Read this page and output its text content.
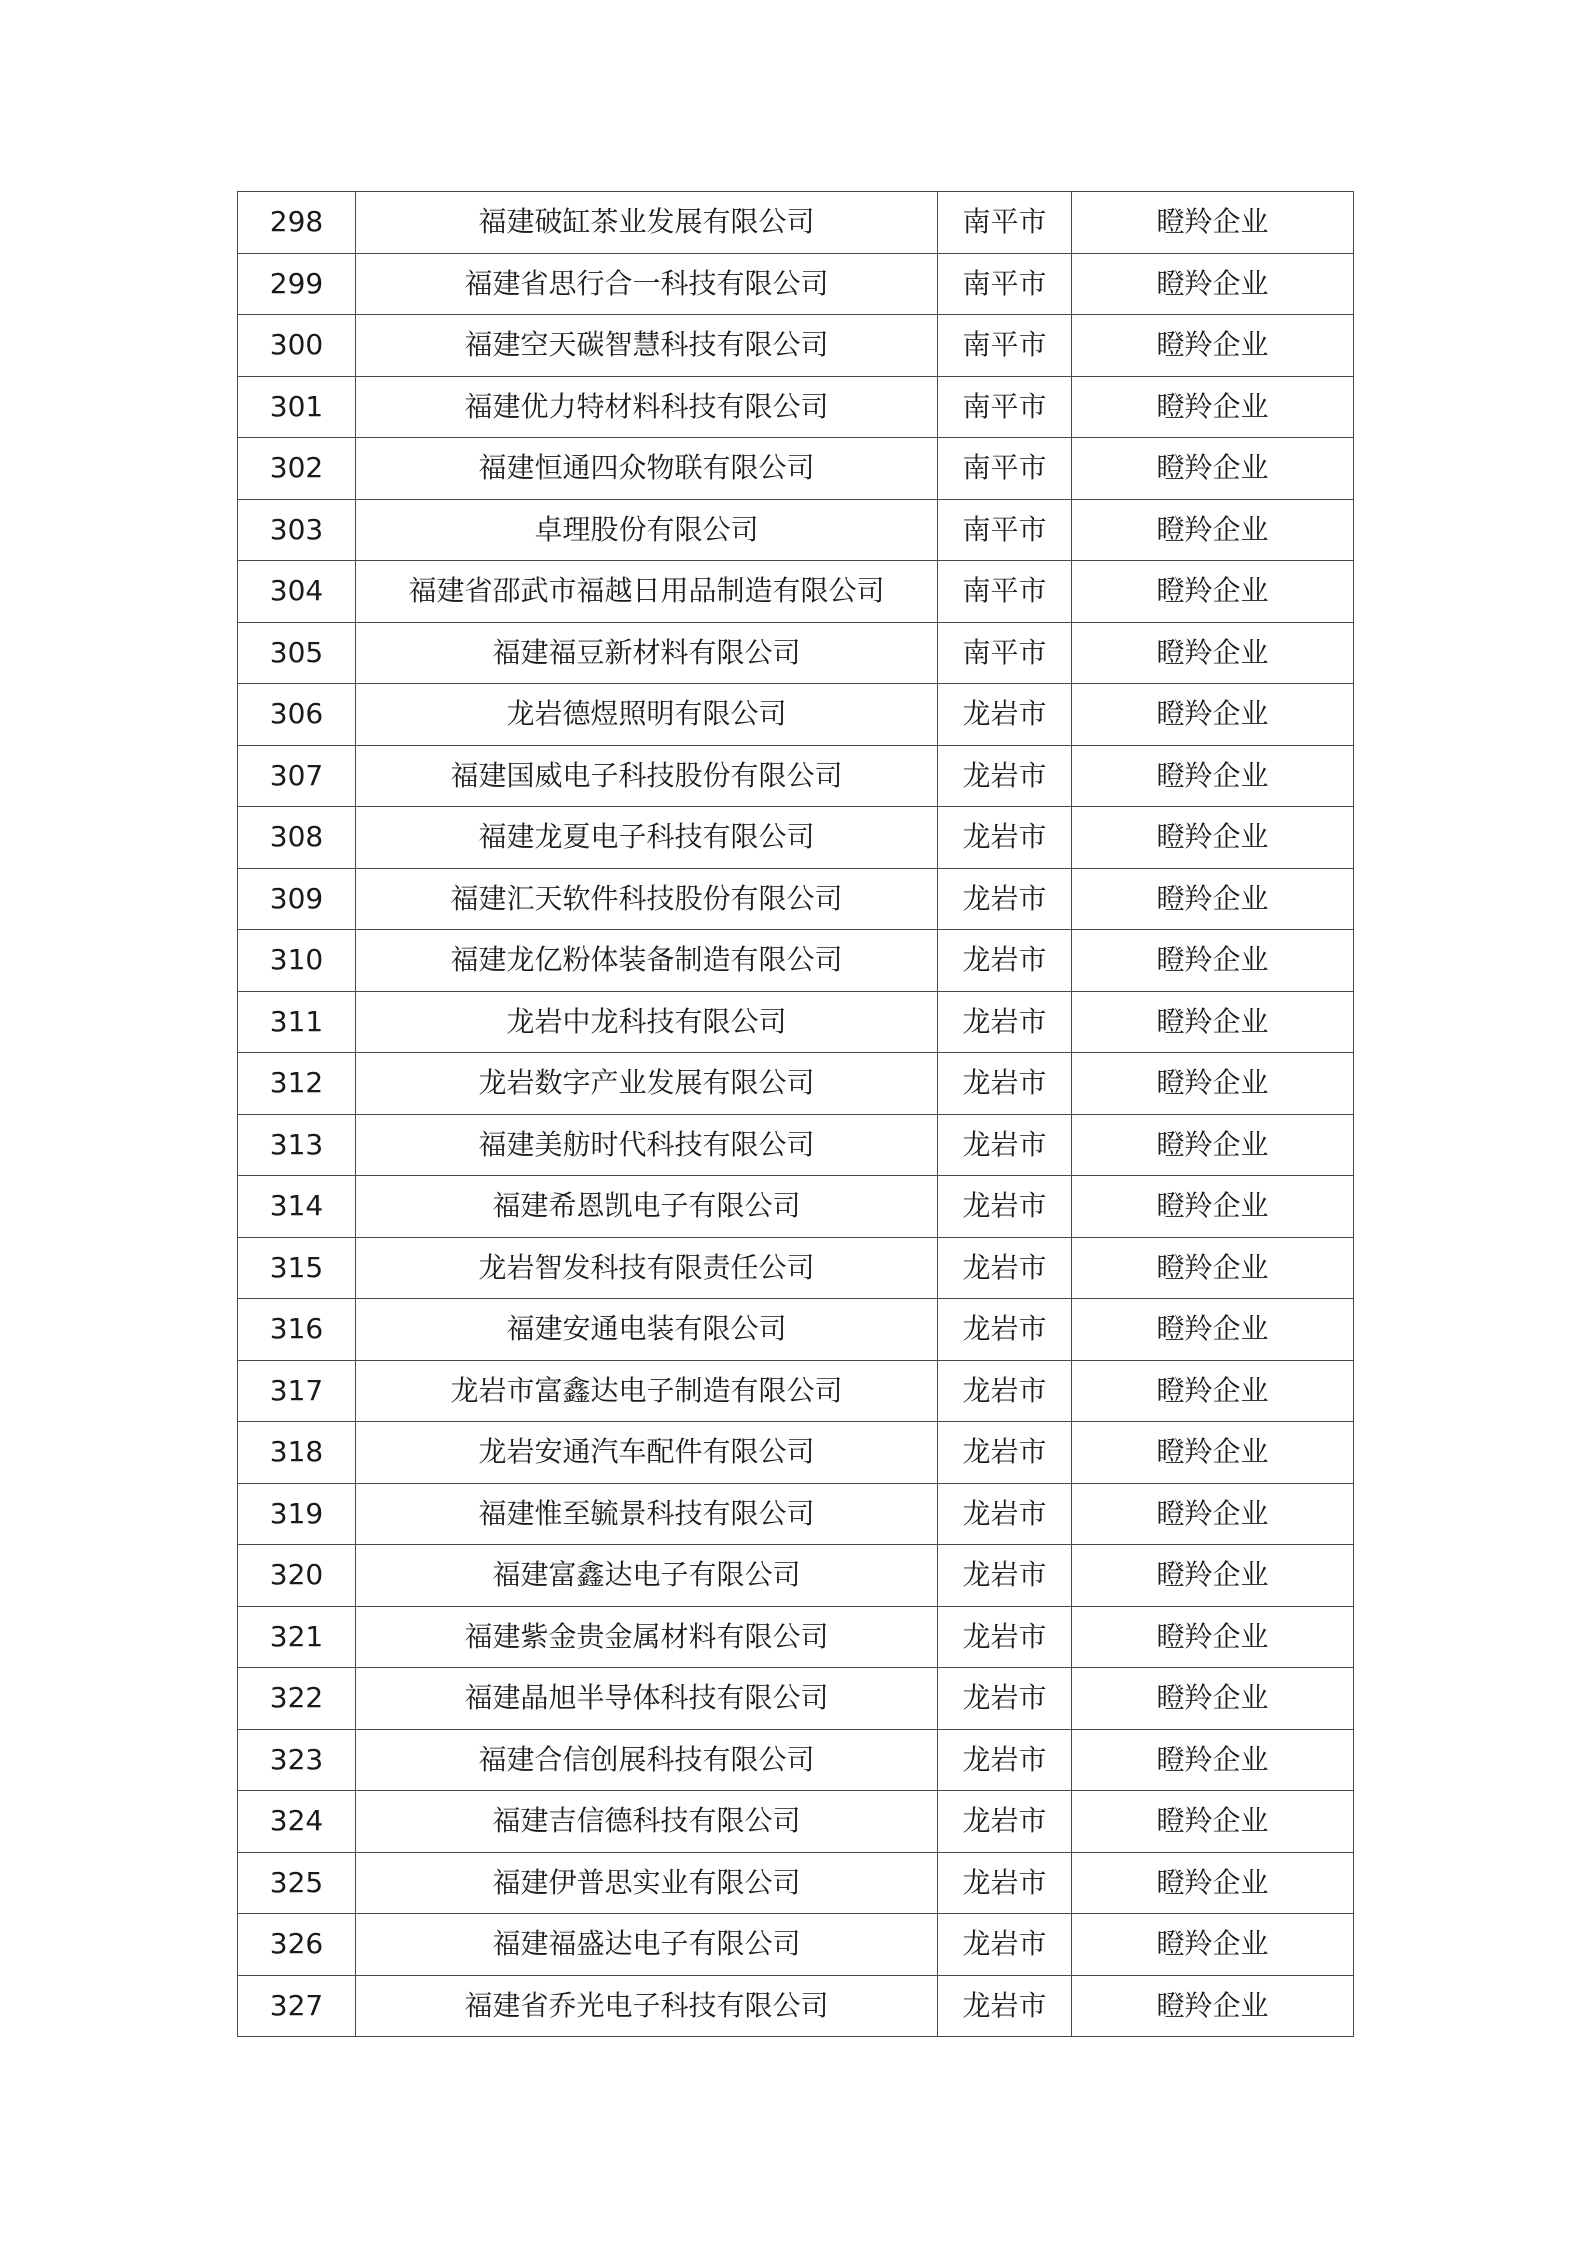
298	福建破缸茶业发展有限公司	南平市	瞪羚企业
299	福建省思行合一科技有限公司	南平市	瞪羚企业
300	福建空天碳智慧科技有限公司	南平市	瞪羚企业
301	福建优力特材料科技有限公司	南平市	瞪羚企业
302	福建恒通四众物联有限公司	南平市	瞪羚企业
303	卓理股份有限公司	南平市	瞪羚企业
304	福建省邵武市福越日用品制造有限公司	南平市	瞪羚企业
305	福建福豆新材料有限公司	南平市	瞪羚企业
306	龙岩德煜照明有限公司	龙岩市	瞪羚企业
307	福建国威电子科技股份有限公司	龙岩市	瞪羚企业
308	福建龙夏电子科技有限公司	龙岩市	瞪羚企业
309	福建汇天软件科技股份有限公司	龙岩市	瞪羚企业
310	福建龙亿粉体装备制造有限公司	龙岩市	瞪羚企业
311	龙岩中龙科技有限公司	龙岩市	瞪羚企业
312	龙岩数字产业发展有限公司	龙岩市	瞪羚企业
313	福建美舫时代科技有限公司	龙岩市	瞪羚企业
314	福建希恩凯电子有限公司	龙岩市	瞪羚企业
315	龙岩智发科技有限责任公司	龙岩市	瞪羚企业
316	福建安通电装有限公司	龙岩市	瞪羚企业
317	龙岩市富鑫达电子制造有限公司	龙岩市	瞪羚企业
318	龙岩安通汽车配件有限公司	龙岩市	瞪羚企业
319	福建惟至毓景科技有限公司	龙岩市	瞪羚企业
320	福建富鑫达电子有限公司	龙岩市	瞪羚企业
321	福建紫金贵金属材料有限公司	龙岩市	瞪羚企业
322	福建晶旭半导体科技有限公司	龙岩市	瞪羚企业
323	福建合信创展科技有限公司	龙岩市	瞪羚企业
324	福建吉信德科技有限公司	龙岩市	瞪羚企业
325	福建伊普思实业有限公司	龙岩市	瞪羚企业
326	福建福盛达电子有限公司	龙岩市	瞪羚企业
327	福建省乔光电子科技有限公司	龙岩市	瞪羚企业
